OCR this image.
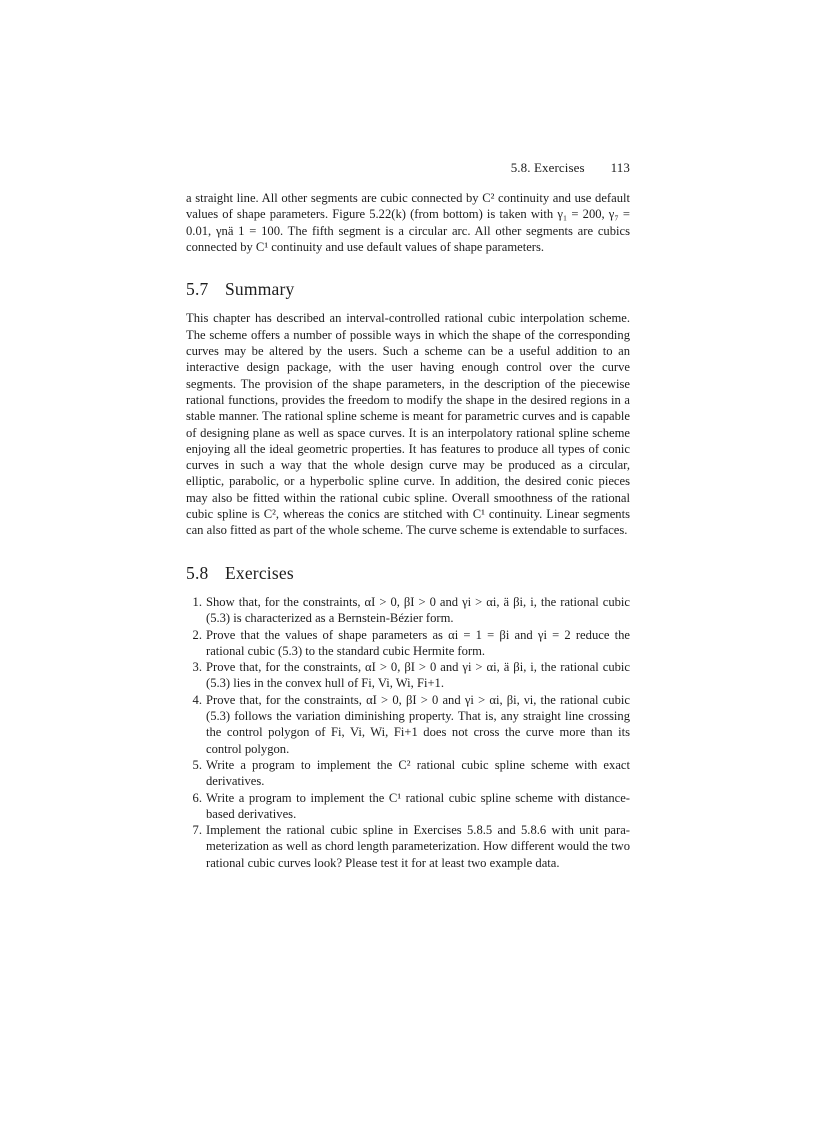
5.8. Exercises 113

a straight line. All other segments are cubic connected by C² continuity and use default values of shape parameters. Figure 5.22(k) (from bottom) is taken with γ₁ = 200, γ₇ = 0.01, γnä 1 = 100. The fifth segment is a circular arc. All other segments are cubics connected by C¹ continuity and use default values of shape parameters.

5.7 Summary

This chapter has described an interval-controlled rational cubic interpolation scheme. The scheme offers a number of possible ways in which the shape of the corresponding curves may be altered by the users. Such a scheme can be a useful addition to an interactive design package, with the user having enough control over the curve segments. The provision of the shape parameters, in the description of the piecewise rational functions, provides the freedom to modify the shape in the desired regions in a stable manner. The rational spline scheme is meant for parametric curves and is capable of designing plane as well as space curves. It is an interpolatory rational spline scheme enjoying all the ideal geometric properties. It has features to produce all types of conic curves in such a way that the whole design curve may be produced as a circular, elliptic, parabolic, or a hyperbolic spline curve. In addition, the desired conic pieces may also be fitted within the rational cubic spline. Overall smoothness of the rational cubic spline is C², whereas the conics are stitched with C¹ continuity. Linear segments can also fitted as part of the whole scheme. The curve scheme is extendable to surfaces.

5.8 Exercises
1. Show that, for the constraints, αI > 0, βI > 0 and γi > αi, ä βi, i, the rational cubic (5.3) is characterized as a Bernstein-Bézier form.
2. Prove that the values of shape parameters as αi = 1 = βi and γi = 2 reduce the rational cubic (5.3) to the standard cubic Hermite form.
3. Prove that, for the constraints, αI > 0, βI > 0 and γi > αi, ä βi, i, the rational cubic (5.3) lies in the convex hull of Fi, Vi, Wi, Fi+1.
4. Prove that, for the constraints, αI > 0, βI > 0 and γi > αi, βi, νi, the rational cubic (5.3) follows the variation diminishing property. That is, any straight line crossing the control polygon of Fi, Vi, Wi, Fi+1 does not cross the curve more than its control polygon.
5. Write a program to implement the C² rational cubic spline scheme with exact derivatives.
6. Write a program to implement the C¹ rational cubic spline scheme with distance-based derivatives.
7. Implement the rational cubic spline in Exercises 5.8.5 and 5.8.6 with unit parameterization as well as chord length parameterization. How different would the two rational cubic curves look? Please test it for at least two example data.
